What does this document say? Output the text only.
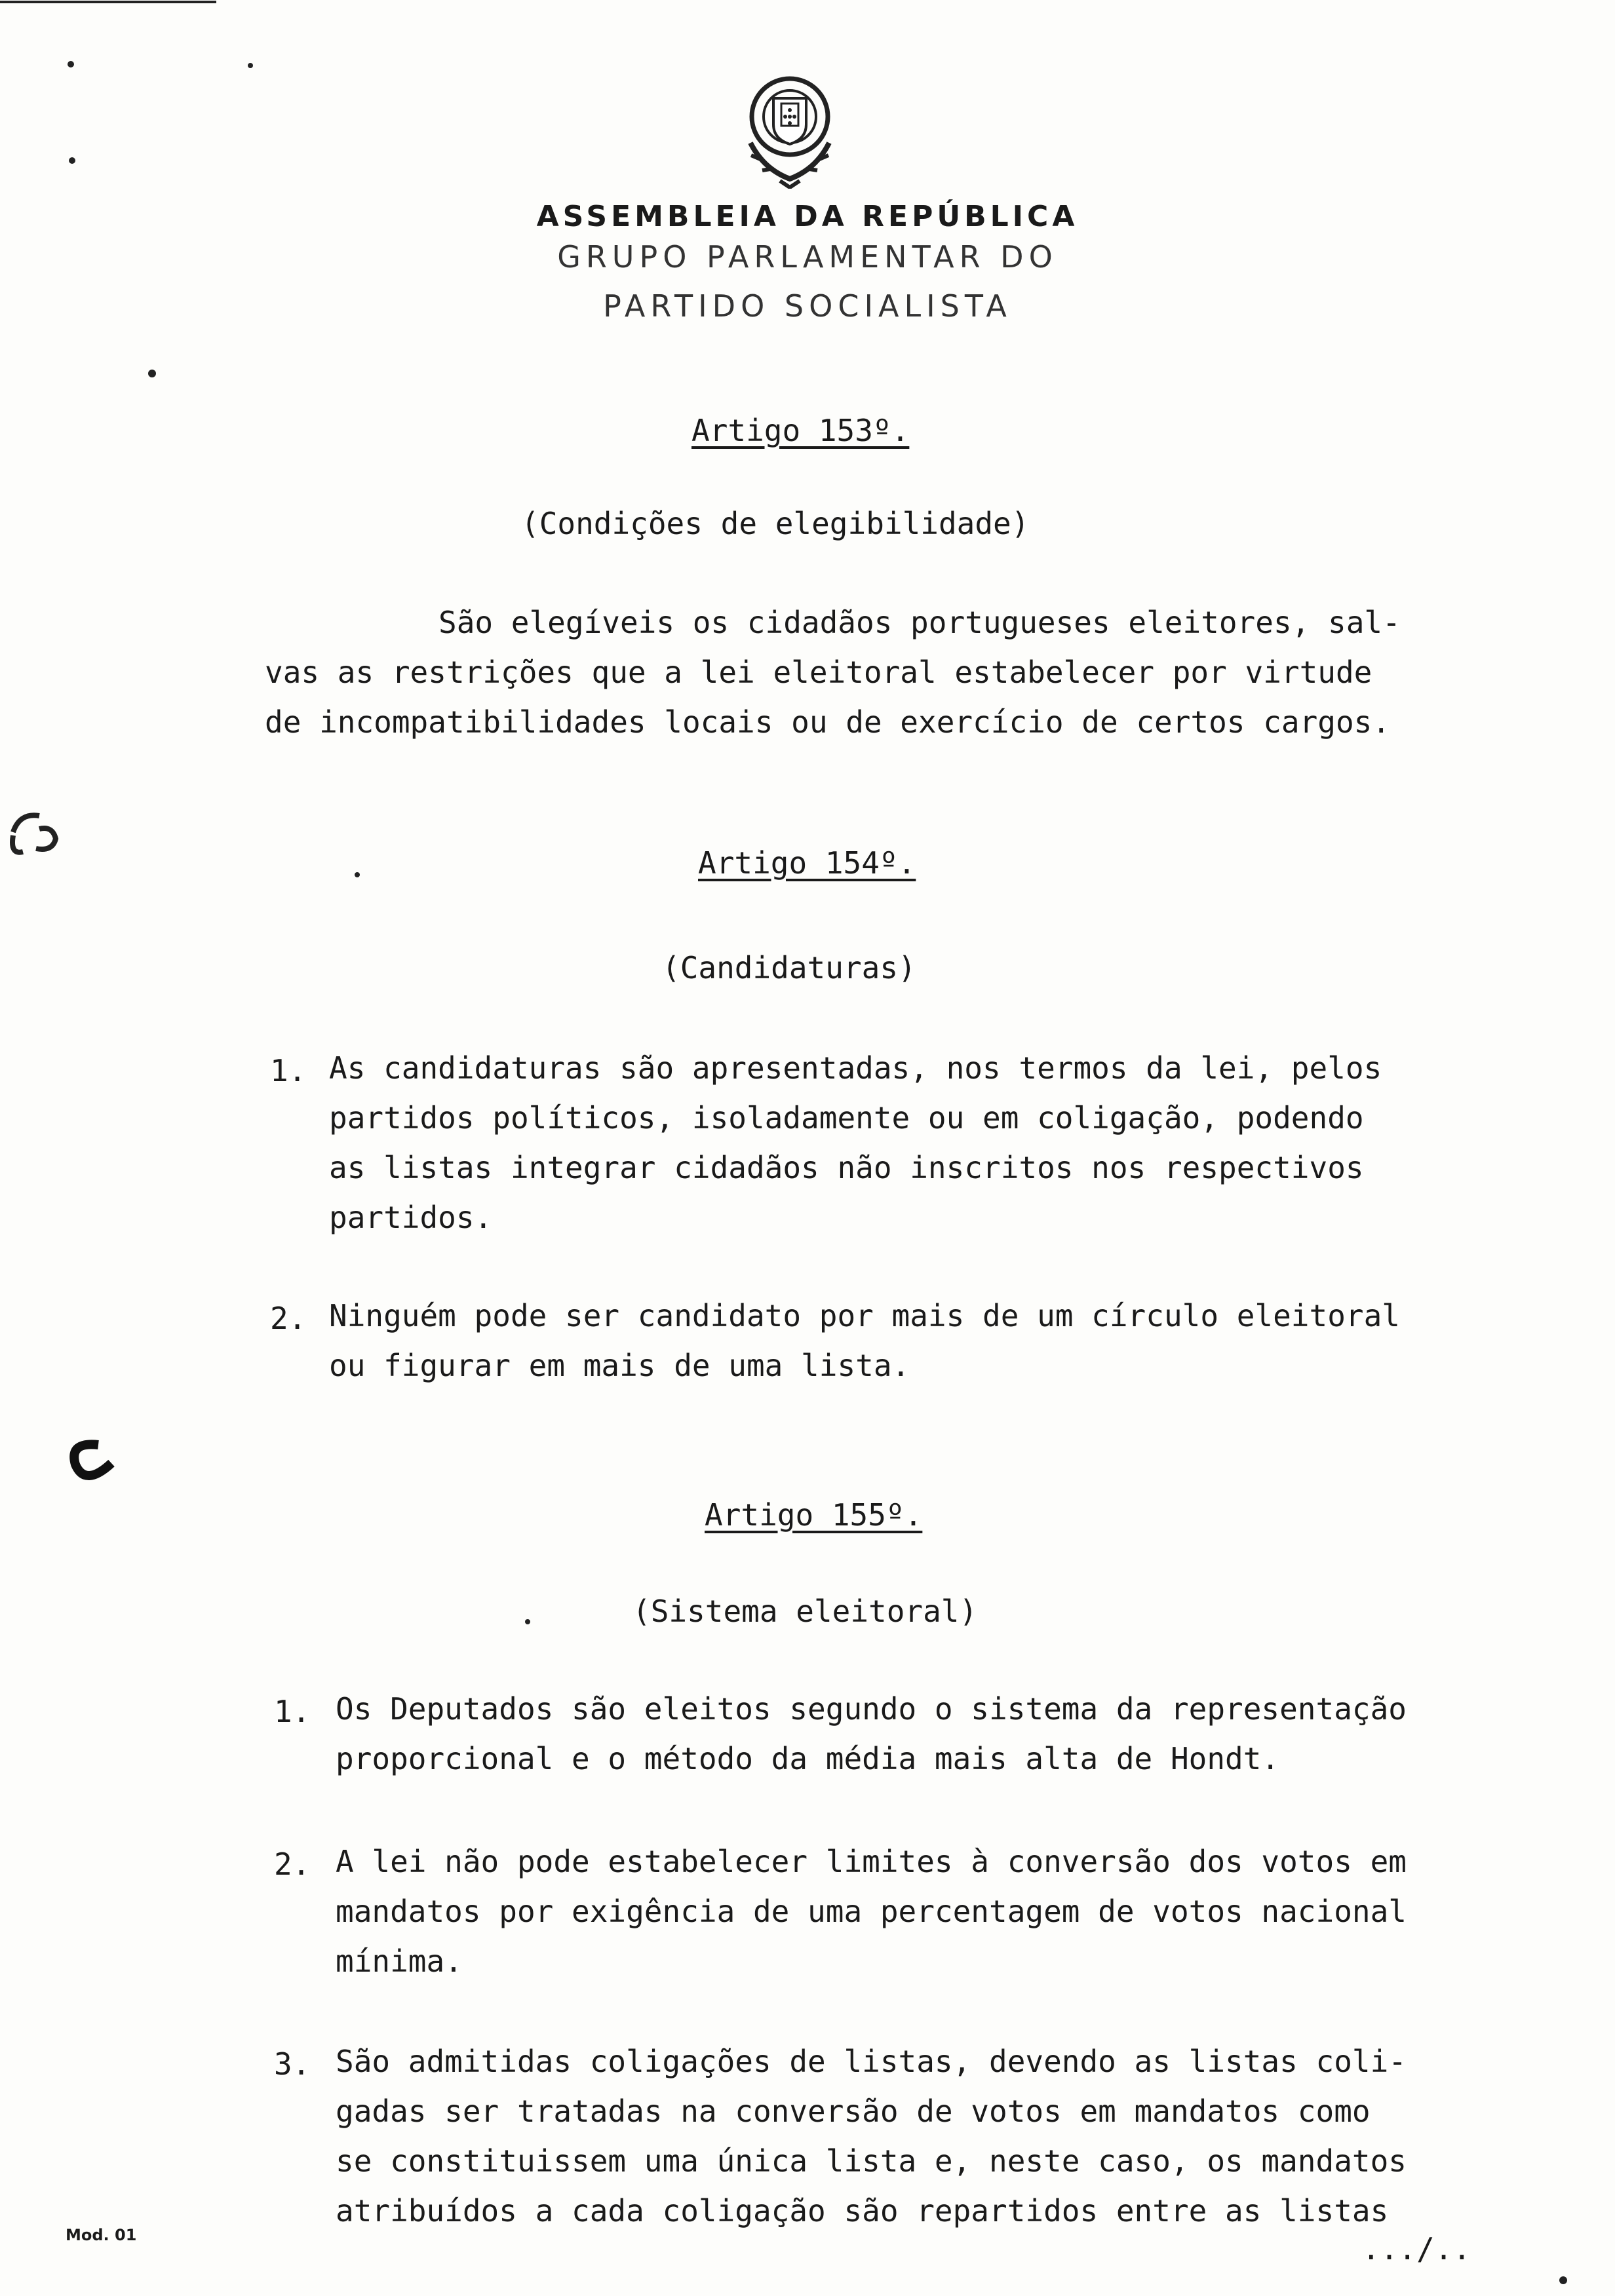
ASSEMBLEIA DA REPÚBLICA
GRUPO PARLAMENTAR DO
PARTIDO SOCIALISTA
Artigo 153º.
(Condições de elegibilidade)
São elegíveis os cidadãos portugueses eleitores, sal-
vas as restrições que a lei eleitoral estabelecer por virtude
de incompatibilidades locais ou de exercício de certos cargos.
Artigo 154º.
(Candidaturas)
1. As candidaturas são apresentadas, nos termos da lei, pelos
partidos políticos, isoladamente ou em coligação, podendo
as listas integrar cidadãos não inscritos nos respectivos
partidos.
2. Ninguém pode ser candidato por mais de um círculo eleitoral
ou figurar em mais de uma lista.
Artigo 155º.
(Sistema eleitoral)
1. Os Deputados são eleitos segundo o sistema da representação
proporcional e o método da média mais alta de Hondt.
2. A lei não pode estabelecer limites à conversão dos votos em
mandatos por exigência de uma percentagem de votos nacional
mínima.
3. São admitidas coligações de listas, devendo as listas coli-
gadas ser tratadas na conversão de votos em mandatos como
se constituissem uma única lista e, neste caso, os mandatos
atribuídos a cada coligação são repartidos entre as listas
Mod. 01	.../..
